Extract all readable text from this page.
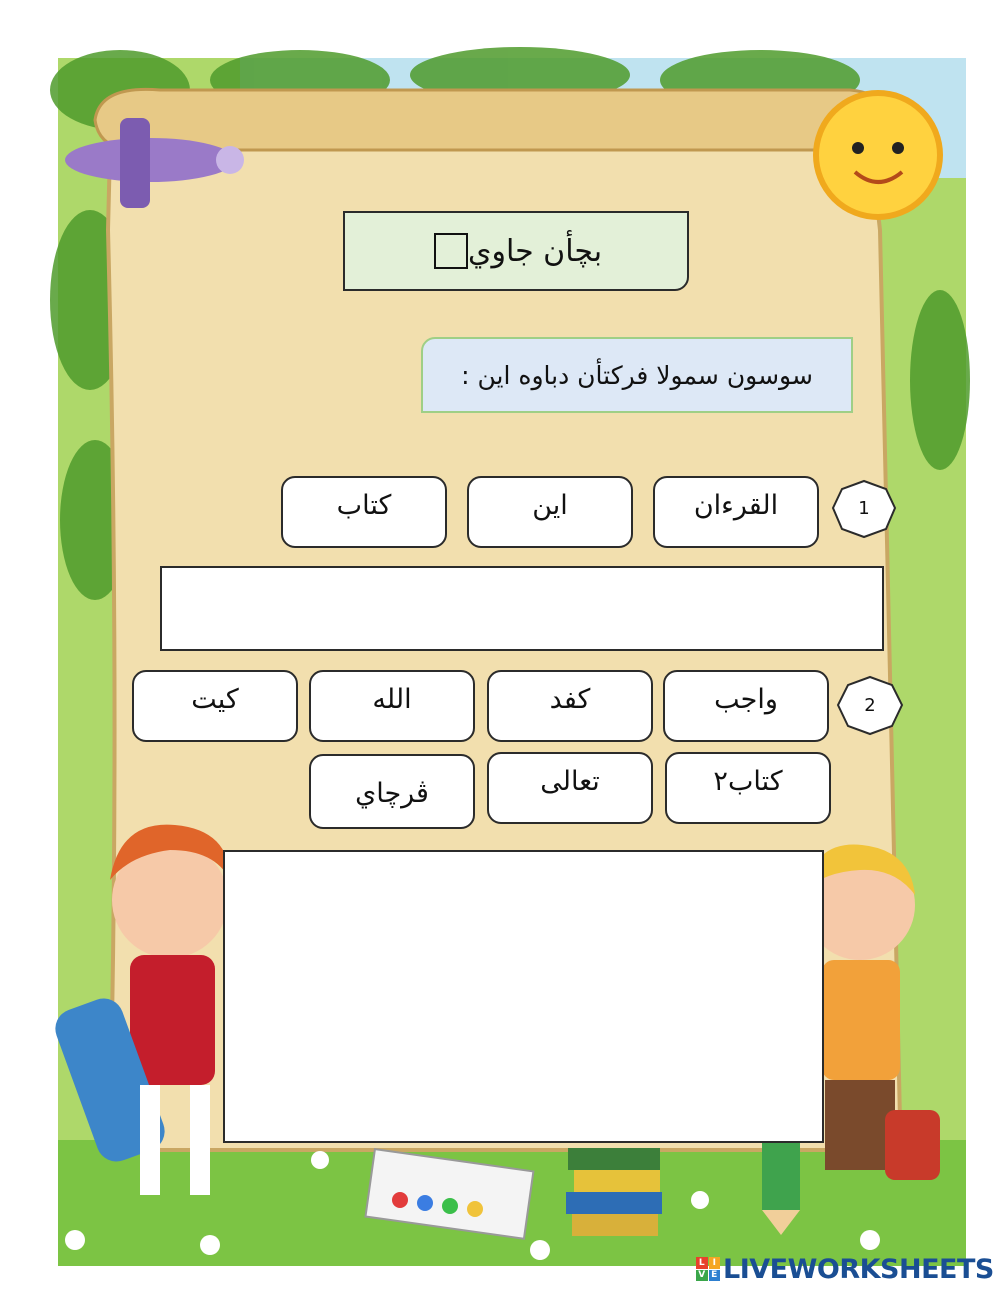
بچأن جاوي
سوسون سمولا فركتأن دباوه اين :
1
القرءان
اين
كتاب
2
واجب
كفد
الله
كيت
كتاب٢
تعالى
ڤرچاي
L I
V E LIVEWORKSHEETS
